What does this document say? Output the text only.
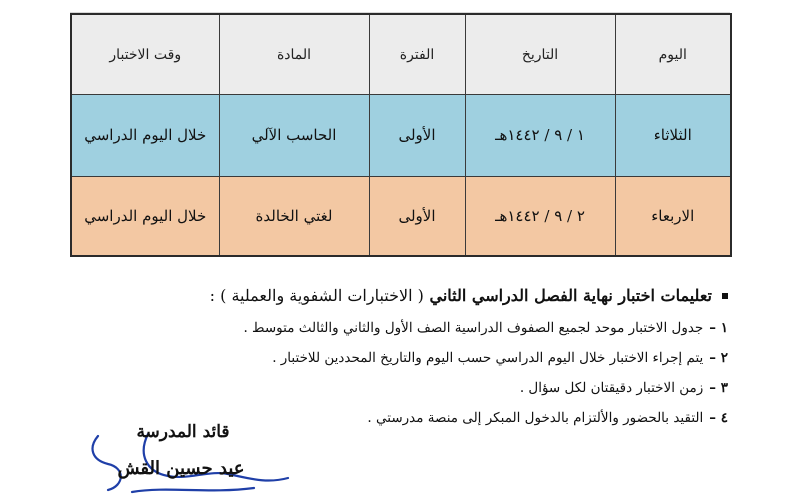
اليوم	التاريخ	الفترة	المادة	وقت الاختبار
الثلاثاء	١ / ٩ / ١٤٤٢هـ	الأولى	الحاسب الآلي	خلال اليوم الدراسي
الاربعاء	٢ / ٩ / ١٤٤٢هـ	الأولى	لغتي الخالدة	خلال اليوم الدراسي

تعليمات اختبار نهاية الفصل الدراسي الثاني ( الاختبارات الشفوية والعملية ) :

١ –جدول الاختبار موحد لجميع الصفوف الدراسية الصف الأول والثاني والثالث متوسط .
٢ –يتم إجراء الاختبار خلال اليوم الدراسي حسب اليوم والتاريخ المحددين للاختبار .
٣ –زمن الاختبار دقيقتان لكل سؤال .
٤ –التقيد بالحضور والألتزام بالدخول المبكر إلى منصة مدرستي .
قائد المدرسة
عيد حسين القش
